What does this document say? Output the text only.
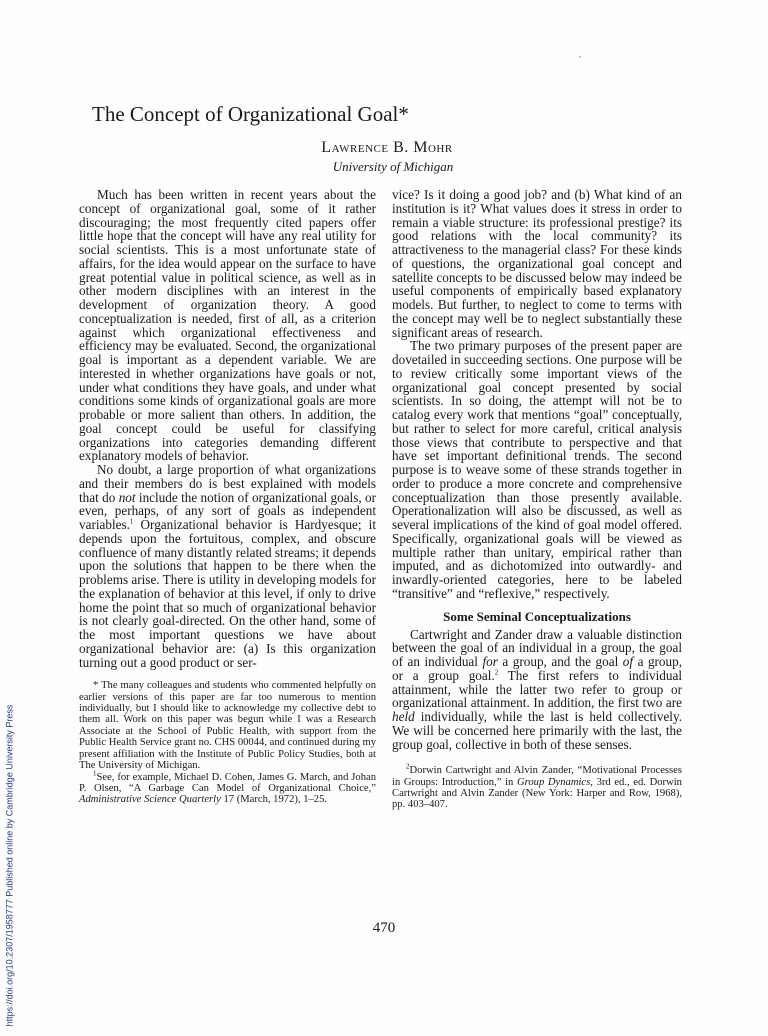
The Concept of Organizational Goal*
Lawrence B. Mohr
University of Michigan

Much has been written in recent years about the concept of organizational goal, some of it rather discouraging; the most frequently cited papers offer little hope that the concept will have any real utility for social scientists. This is a most unfortunate state of affairs, for the idea would appear on the surface to have great potential value in political science, as well as in other modern disciplines with an interest in the development of organization theory. A good conceptualization is needed, first of all, as a criterion against which organizational effectiveness and efficiency may be evaluated. Second, the organizational goal is important as a dependent variable. We are interested in whether organizations have goals or not, under what conditions they have goals, and under what conditions some kinds of organizational goals are more probable or more salient than others. In addition, the goal concept could be useful for classifying organizations into categories demanding different explanatory models of behavior.

No doubt, a large proportion of what organizations and their members do is best explained with models that do not include the notion of organizational goals, or even, perhaps, of any sort of goals as independent variables.$^1$ Organizational behavior is Hardyesque; it depends upon the fortuitous, complex, and obscure confluence of many distantly related streams; it depends upon the solutions that happen to be there when the problems arise. There is utility in developing models for the explanation of behavior at this level, if only to drive home the point that so much of organizational behavior is not clearly goal-directed. On the other hand, some of the most important questions we have about organizational behavior are: (a) Is this organization turning out a good product or ser-

* The many colleagues and students who commented helpfully on earlier versions of this paper are far too numerous to mention individually, but I should like to acknowledge my collective debt to them all. Work on this paper was begun while I was a Research Associate at the School of Public Health, with support from the Public Health Service grant no. CHS 00044, and continued during my present affiliation with the Institute of Public Policy Studies, both at The University of Michigan.

$^1$See, for example, Michael D. Cohen, James G. March, and Johan P. Olsen, “A Garbage Can Model of Organizational Choice,” Administrative Science Quarterly 17 (March, 1972), 1–25.

vice? Is it doing a good job? and (b) What kind of an institution is it? What values does it stress in order to remain a viable structure: its professional prestige? its good relations with the local community? its attractiveness to the managerial class? For these kinds of questions, the organizational goal concept and satellite concepts to be discussed below may indeed be useful components of empirically based explanatory models. But further, to neglect to come to terms with the concept may well be to neglect substantially these significant areas of research.

The two primary purposes of the present paper are dovetailed in succeeding sections. One purpose will be to review critically some important views of the organizational goal concept presented by social scientists. In so doing, the attempt will not be to catalog every work that mentions “goal” conceptually, but rather to select for more careful, critical analysis those views that contribute to perspective and that have set important definitional trends. The second purpose is to weave some of these strands together in order to produce a more concrete and comprehensive conceptualization than those presently available. Operationalization will also be discussed, as well as several implications of the kind of goal model offered. Specifically, organizational goals will be viewed as multiple rather than unitary, empirical rather than imputed, and as dichotomized into outwardly- and inwardly-oriented categories, here to be labeled “transitive” and “reflexive,” respectively.

Some Seminal Conceptualizations

Cartwright and Zander draw a valuable distinction between the goal of an individual in a group, the goal of an individual for a group, and the goal of a group, or a group goal.$^2$ The first refers to individual attainment, while the latter two refer to group or organizational attainment. In addition, the first two are held individually, while the last is held collectively. We will be concerned here primarily with the last, the group goal, collective in both of these senses.

$^2$Dorwin Cartwright and Alvin Zander, “Motivational Processes in Groups: Introduction,” in Group Dynamics, 3rd ed., ed. Dorwin Cartwright and Alvin Zander (New York: Harper and Row, 1968), pp. 403–407.

470
https://doi.org/10.2307/1958777 Published online by Cambridge University Press
